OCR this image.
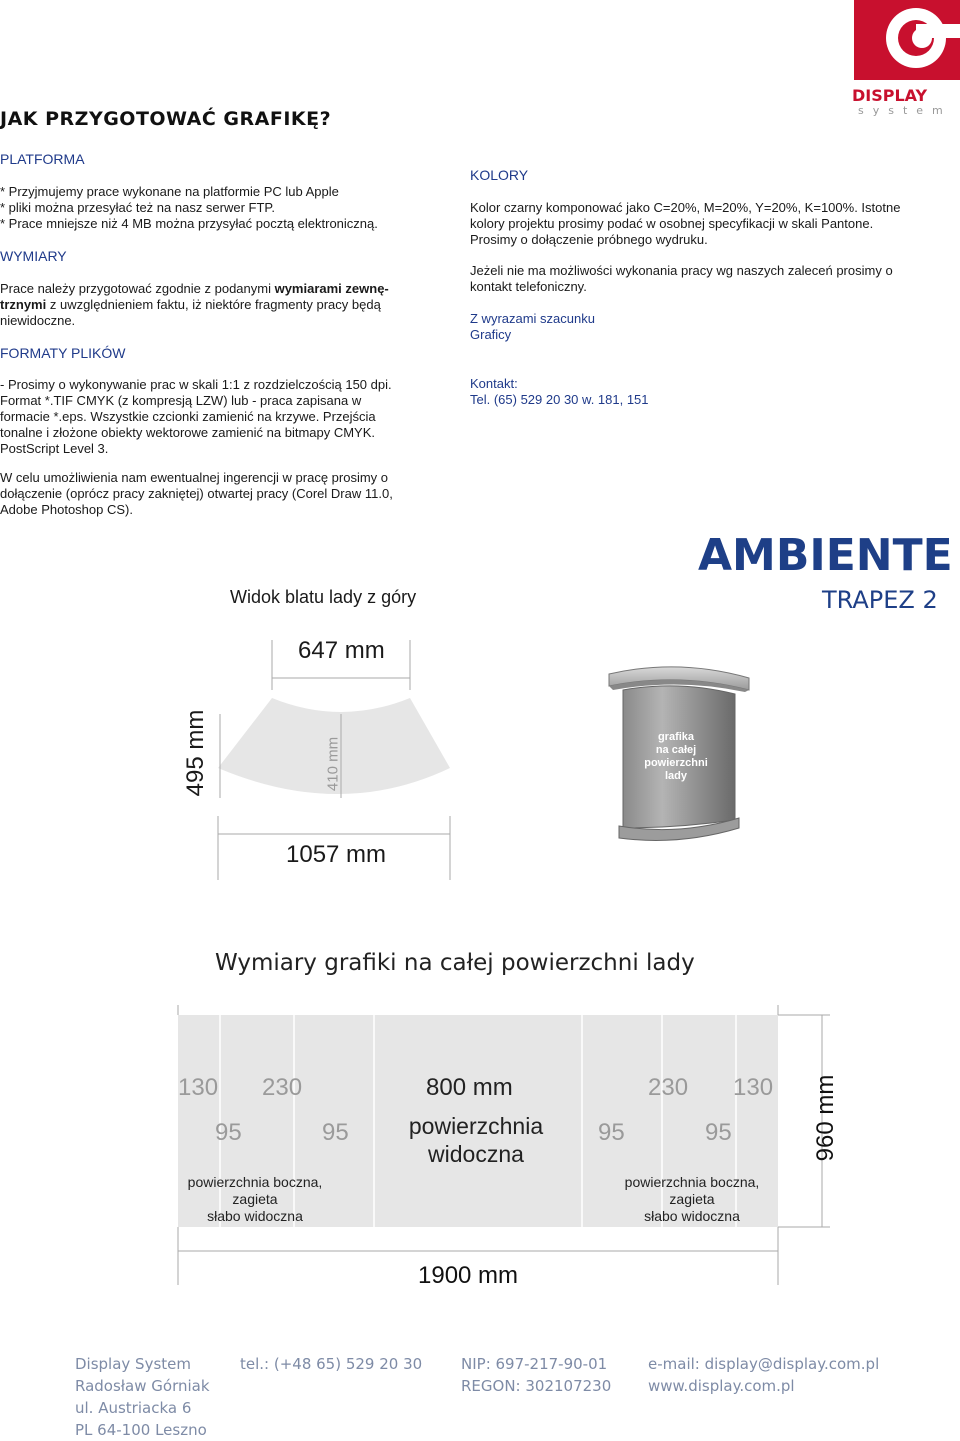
JAK PRZYGOTOWAĆ GRAFIKĘ?
DISPLAY
system
PLATFORMA
* Przyjmujemy prace wykonane na platformie PC lub Apple
* pliki można przesyłać też na nasz serwer FTP.
* Prace mniejsze niż 4 MB można przysyłać pocztą elektroniczną.
WYMIARY
Prace należy przygotować zgodnie z podanymi wymiarami zewnę-
trznymi z uwzględnieniem faktu, iż niektóre fragmenty pracy będą
niewidoczne.
FORMATY PLIKÓW
- Prosimy o wykonywanie prac w skali 1:1 z rozdzielczością 150 dpi.
Format *.TIF CMYK (z kompresją LZW) lub - praca zapisana w
formacie *.eps. Wszystkie czcionki zamienić na krzywe. Przejścia
tonalne i złożone obiekty wektorowe zamienić na bitmapy CMYK.
PostScript Level 3.
W celu umożliwienia nam ewentualnej ingerencji w pracę prosimy o
dołączenie (oprócz pracy zakniętej) otwartej pracy (Corel Draw 11.0,
Adobe Photoshop CS).
KOLORY
Kolor czarny komponować jako C=20%, M=20%, Y=20%, K=100%. Istotne
kolory projektu prosimy podać w osobnej specyfikacji w skali Pantone.
Prosimy o dołączenie próbnego wydruku.
Jeżeli nie ma możliwości wykonania pracy wg naszych zaleceń prosimy o
kontakt telefoniczny.
Z wyrazami szacunku
Graficy
Kontakt:
Tel. (65) 529 20 30 w. 181, 151
AMBIENTE
TRAPEZ 2
Widok blatu lady z góry
647 mm
1057 mm
495 mm	410 mm	grafika
na całej
powierzchni
lady
Wymiary grafiki na całej powierzchni lady
130 230	800 mm	230 130
95	95	95	95
powierzchnia
widoczna
powierzchnia boczna,
zagieta
słabo widoczna
powierzchnia boczna,
zagieta
słabo widoczna
960 mm
1900 mm
Display System
Radosław Górniak
ul. Austriacka 6
PL 64-100 Leszno
tel.: (+48 65) 529 20 30	NIP: 697-217-90-01
REGON: 302107230
e-mail: display@display.com.pl
www.display.com.pl
